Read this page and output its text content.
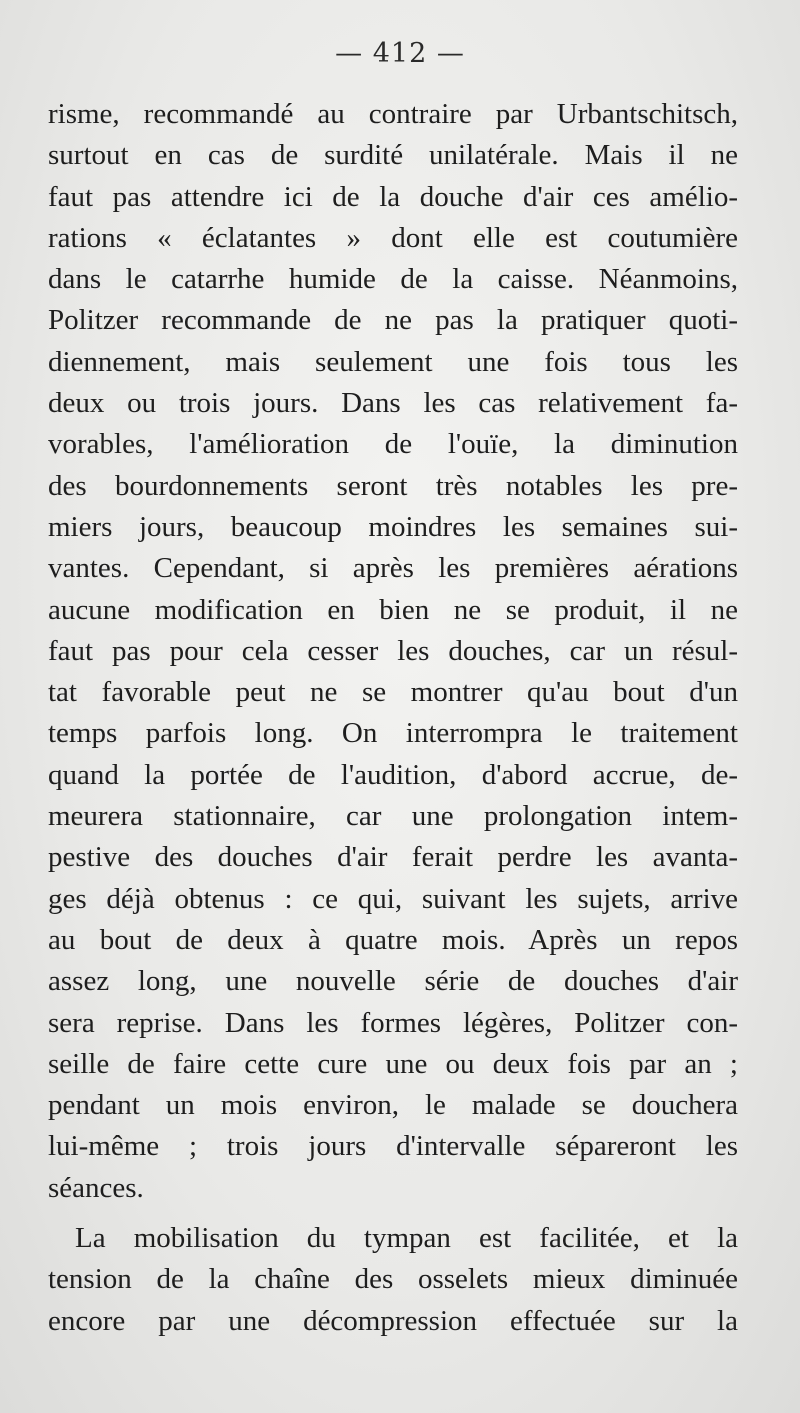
— 412 —
risme, recommandé au contraire par Urbantschitsch,
surtout en cas de surdité unilatérale. Mais il ne
faut pas attendre ici de la douche d'air ces amélio-
rations « éclatantes » dont elle est coutumière
dans le catarrhe humide de la caisse. Néanmoins,
Politzer recommande de ne pas la pratiquer quoti-
diennement, mais seulement une fois tous les
deux ou trois jours. Dans les cas relativement fa-
vorables, l'amélioration de l'ouïe, la diminution
des bourdonnements seront très notables les pre-
miers jours, beaucoup moindres les semaines sui-
vantes. Cependant, si après les premières aérations
aucune modification en bien ne se produit, il ne
faut pas pour cela cesser les douches, car un résul-
tat favorable peut ne se montrer qu'au bout d'un
temps parfois long. On interrompra le traitement
quand la portée de l'audition, d'abord accrue, de-
meurera stationnaire, car une prolongation intem-
pestive des douches d'air ferait perdre les avanta-
ges déjà obtenus : ce qui, suivant les sujets, arrive
au bout de deux à quatre mois. Après un repos
assez long, une nouvelle série de douches d'air
sera reprise. Dans les formes légères, Politzer con-
seille de faire cette cure une ou deux fois par an ;
pendant un mois environ, le malade se douchera
lui-même ; trois jours d'intervalle sépareront les
séances.
La mobilisation du tympan est facilitée, et la
tension de la chaîne des osselets mieux diminuée
encore par une décompression effectuée sur la
